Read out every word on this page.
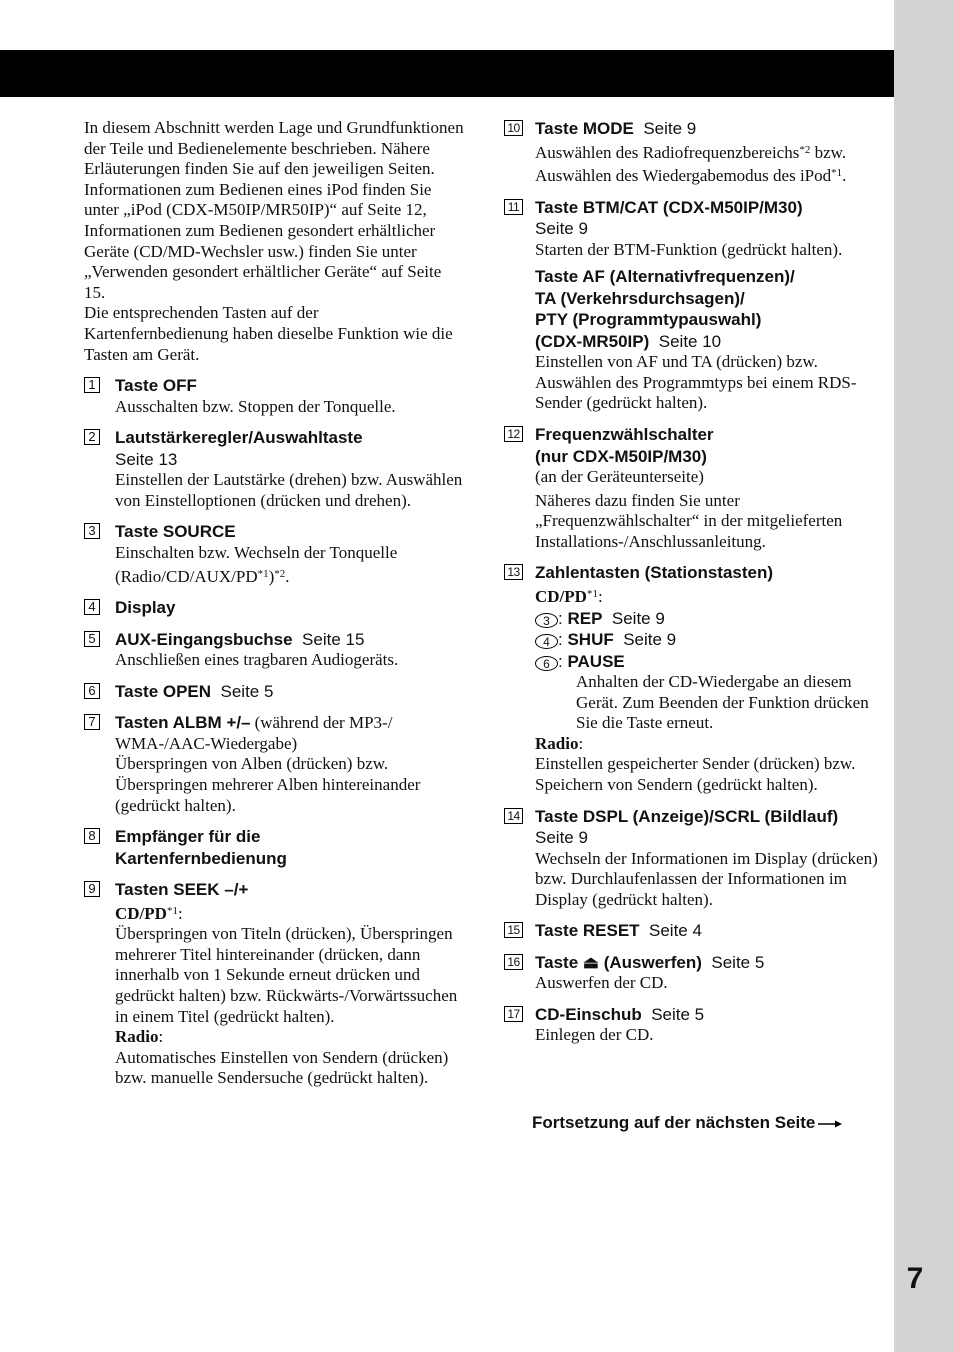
7
In diesem Abschnitt werden Lage und Grundfunktionen der Teile und Bedienelemente beschrieben. Nähere Erläuterungen finden Sie auf den jeweiligen Seiten.
Informationen zum Bedienen eines iPod finden Sie unter „iPod (CDX-M50IP/MR50IP)“ auf Seite 12, Informationen zum Bedienen gesondert erhältlicher Geräte (CD/MD-Wechsler usw.) finden Sie unter „Verwenden gesondert erhältlicher Geräte“ auf Seite 15.
Die entsprechenden Tasten auf der Kartenfernbedienung haben dieselbe Funktion wie die Tasten am Gerät.
1 Taste OFF
Ausschalten bzw. Stoppen der Tonquelle.
2 Lautstärkeregler/Auswahltaste
Seite 13
Einstellen der Lautstärke (drehen) bzw. Auswählen von Einstelloptionen (drücken und drehen).
3 Taste SOURCE
Einschalten bzw. Wechseln der Tonquelle (Radio/CD/AUX/PD$^{*1}$)$^{*2}$.
4 Display
5 AUX-Eingangsbuchse Seite 15
Anschließen eines tragbaren Audiogeräts.
6 Taste OPEN Seite 5
7 Tasten ALBM +/– (während der MP3-/ WMA-/AAC-Wiedergabe)
Überspringen von Alben (drücken) bzw. Überspringen mehrerer Alben hintereinander (gedrückt halten).
8 Empfänger für die
Kartenfernbedienung
9 Tasten SEEK –/+
$CD/PD^{*1}$:
Überspringen von Titeln (drücken), Überspringen mehrerer Titel hintereinander (drücken, dann innerhalb von 1 Sekunde erneut drücken und gedrückt halten) bzw. Rückwärts-/Vorwärtssuchen in einem Titel (gedrückt halten).
Radio:
Automatisches Einstellen von Sendern (drücken) bzw. manuelle Sendersuche (gedrückt halten).
10 Taste MODE Seite 9
Auswählen des Radiofrequenzbereichs$^{*2}$ bzw. Auswählen des Wiedergabemodus des iPod$^{*1}$.
11 Taste BTM/CAT (CDX-M50IP/M30)
Seite 9
Starten der BTM-Funktion (gedrückt halten).
Taste AF (Alternativfrequenzen)/
TA (Verkehrsdurchsagen)/
PTY (Programmtypauswahl)
(CDX-MR50IP) Seite 10
Einstellen von AF und TA (drücken) bzw. Auswählen des Programmtyps bei einem RDS-Sender (gedrückt halten).
12 Frequenzwählschalter
(nur CDX-M50IP/M30)
(an der Geräteunterseite)
Näheres dazu finden Sie unter „Frequenzwählschalter“ in der mitgelieferten Installations-/Anschlussanleitung.
13 Zahlentasten (Stationstasten)
CD/PD$^{*1}$:
3 : REP Seite 9
4 : SHUF Seite 9
6 : PAUSE
Anhalten der CD-Wiedergabe an diesem Gerät. Zum Beenden der Funktion drücken Sie die Taste erneut.
Radio:
Einstellen gespeicherter Sender (drücken) bzw. Speichern von Sendern (gedrückt halten).
14 Taste DSPL (Anzeige)/SCRL (Bildlauf)
Seite 9
Wechseln der Informationen im Display (drücken) bzw. Durchlaufenlassen der Informationen im Display (gedrückt halten).
15 Taste RESET Seite 4
16 Taste ⏏ (Auswerfen) Seite 5
Auswerfen der CD.
17 CD-Einschub Seite 5
Einlegen der CD.
Fortsetzung auf der nächsten Seite
